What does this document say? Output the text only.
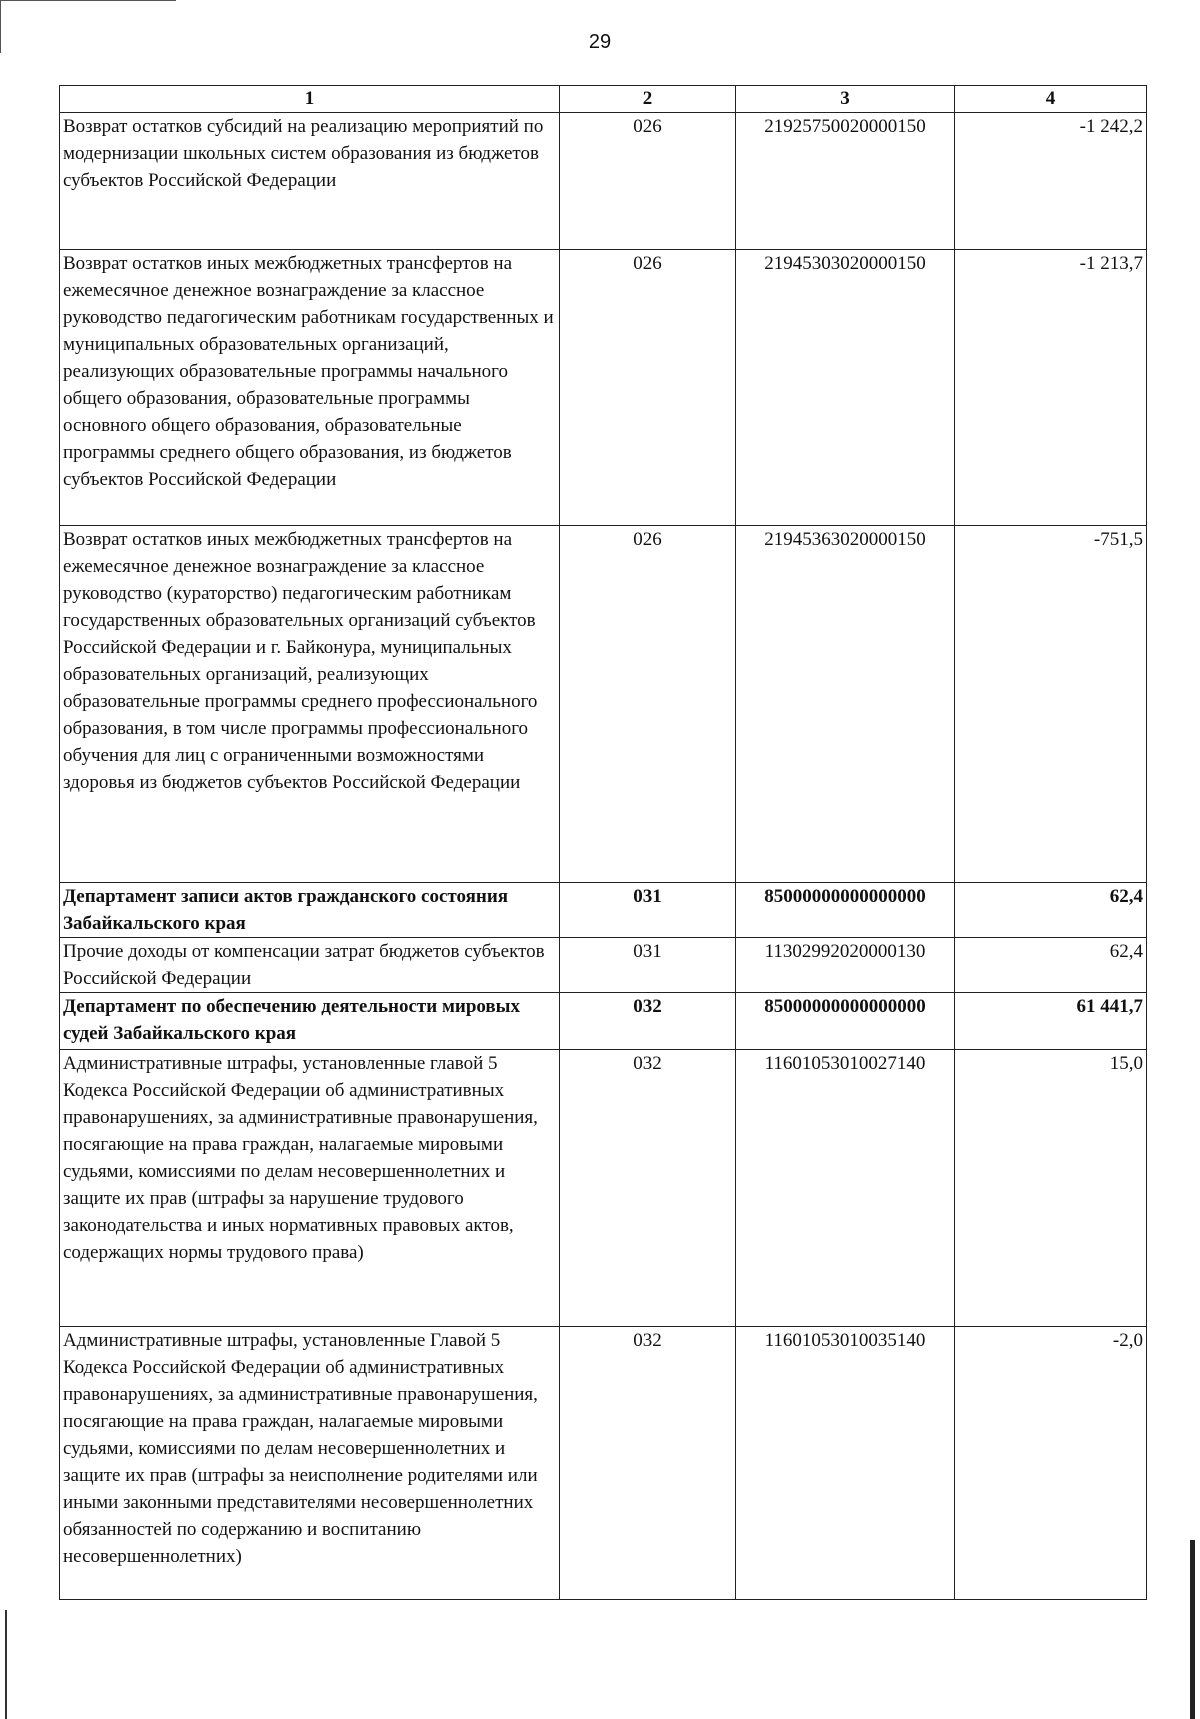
29
1	2	3	4
Возврат остатков субсидий на реализацию мероприятий по модернизации школьных систем образования из бюджетов субъектов Российской Федерации	026	21925750020000150	-1 242,2
Возврат остатков иных межбюджетных трансфертов на ежемесячное денежное вознаграждение за классное руководство педагогическим работникам государственных и муниципальных образовательных организаций, реализующих образовательные программы начального общего образования, образовательные программы основного общего образования, образовательные программы среднего общего образования, из бюджетов субъектов Российской Федерации	026	21945303020000150	-1 213,7
Возврат остатков иных межбюджетных трансфертов на ежемесячное денежное вознаграждение за классное руководство (кураторство) педагогическим работникам государственных образовательных организаций субъектов Российской Федерации и г. Байконура, муниципальных образовательных организаций, реализующих образовательные программы среднего профессионального образования, в том числе программы профессионального обучения для лиц с ограниченными возможностями здоровья из бюджетов субъектов Российской Федерации	026	21945363020000150	-751,5
Департамент записи актов гражданского состояния Забайкальского края	031	85000000000000000	62,4
Прочие доходы от компенсации затрат бюджетов субъектов Российской Федерации	031	11302992020000130	62,4
Департамент по обеспечению деятельности мировых судей Забайкальского края	032	85000000000000000	61 441,7
Административные штрафы, установленные главой 5 Кодекса Российской Федерации об административных правонарушениях, за административные правонарушения, посягающие на права граждан, налагаемые мировыми судьями, комиссиями по делам несовершеннолетних и защите их прав (штрафы за нарушение трудового законодательства и иных нормативных правовых актов, содержащих нормы трудового права)	032	11601053010027140	15,0
Административные штрафы, установленные Главой 5 Кодекса Российской Федерации об административных правонарушениях, за административные правонарушения, посягающие на права граждан, налагаемые мировыми судьями, комиссиями по делам несовершеннолетних и защите их прав (штрафы за неисполнение родителями или иными законными представителями несовершеннолетних обязанностей по содержанию и воспитанию несовершеннолетних)	032	11601053010035140	-2,0
